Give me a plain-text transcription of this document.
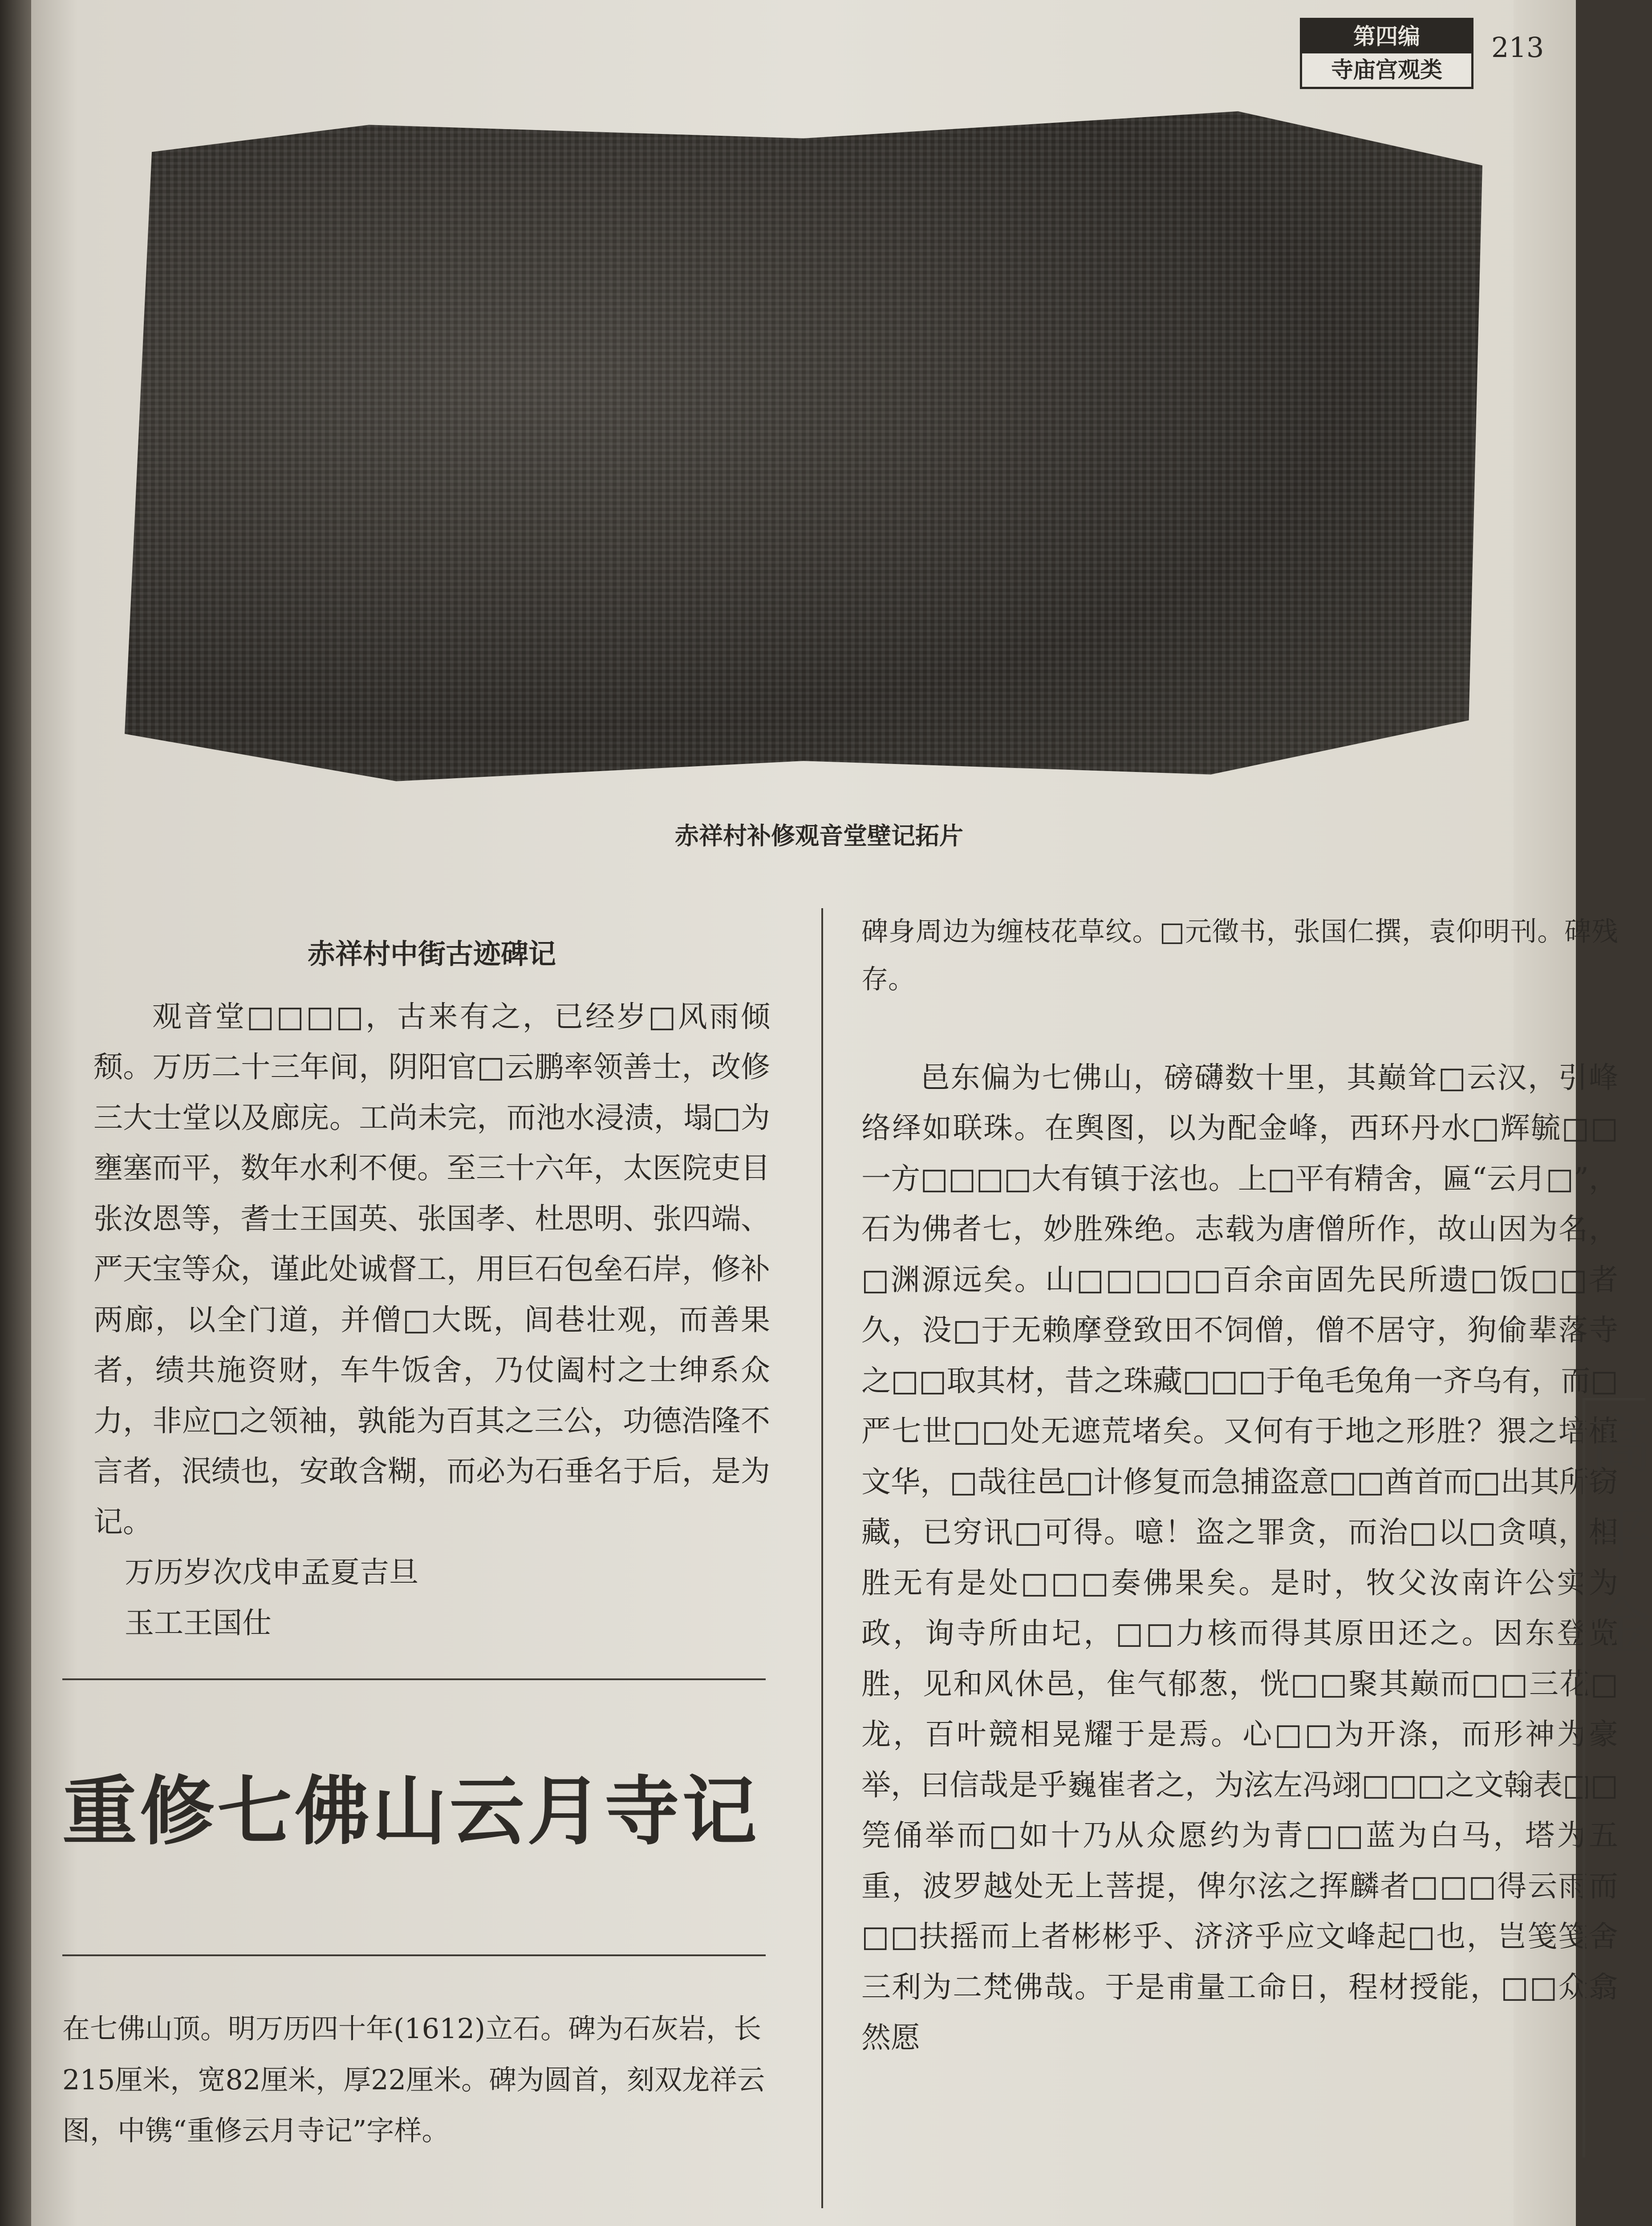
第四编
寺庙宫观类
213
赤祥村补修观音堂壁记拓片

赤祥村中街古迹碑记

观音堂□□□□，古来有之，已经岁□风雨倾颓。万历二十三年间，阴阳官□云鹏率领善士，改修三大士堂以及廊庑。工尚未完，而池水浸渍，塌□为壅塞而平，数年水利不便。至三十六年，太医院吏目张汝恩等，耆士王国英、张国孝、杜思明、张四端、严天宝等众，谨此处诚督工，用巨石包垒石岸，修补两廊，以全门道，并僧□大既，闾巷壮观，而善果者，绩共施资财，车牛饭舍，乃仗阖村之士绅系众力，非应□之领袖，孰能为百其之三公，功德浩隆不言者，泯绩也，安敢含糊，而必为石垂名于后，是为记。

万历岁次戊申孟夏吉旦

玉工王国仕

重修七佛山云月寺记
在七佛山顶。明万历四十年(1612)立石。碑为石灰岩，长215厘米，宽82厘米，厚22厘米。碑为圆首，刻双龙祥云图，中镌“重修云月寺记”字样。

碑身周边为缠枝花草纹。□元徵书，张国仁撰，袁仰明刊。碑残存。

邑东偏为七佛山，磅礴数十里，其巅耸□云汉，引峰络绎如联珠。在舆图，以为配金峰，西环丹水□辉毓□□一方□□□□大有镇于泫也。上□平有精舍，匾“云月□”，石为佛者七，妙胜殊绝。志载为唐僧所作，故山因为名，□渊源远矣。山□□□□□百余亩固先民所遗□饭□□者久，没□于无赖摩登致田不饲僧，僧不居守，狗偷辈落寺之□□取其材，昔之珠藏□□□于龟毛兔角一齐乌有，而□严七世□□处无遮荒堵矣。又何有于地之形胜？猥之培植文华，□哉往邑□计修复而急捕盗意□□酋首而□出其所窃藏，已穷讯□可得。噫！盗之罪贪，而治□以□贪嗔，相胜无有是处□□□奏佛果矣。是时，牧父汝南许公实为政，询寺所由圮，□□力核而得其原田还之。因东登览胜，见和风休邑，隹气郁葱，恍□□聚其巅而□□三花□龙，百叶競相晃耀于是焉。心□□为开涤，而形神为豪举，曰信哉是乎巍崔者之，为泫左冯翊□□□之文翰表□□筦俑举而□如十乃从众愿约为青□□蓝为白马，塔为五重，波罗越处无上菩提，俾尔泫之挥麟者□□□得云雨而□□扶摇而上者彬彬乎、济济乎应文峰起□也，岂笺笺舍三利为二梵佛哉。于是甫量工命日，程材授能，□□众翕然愿

高平金
